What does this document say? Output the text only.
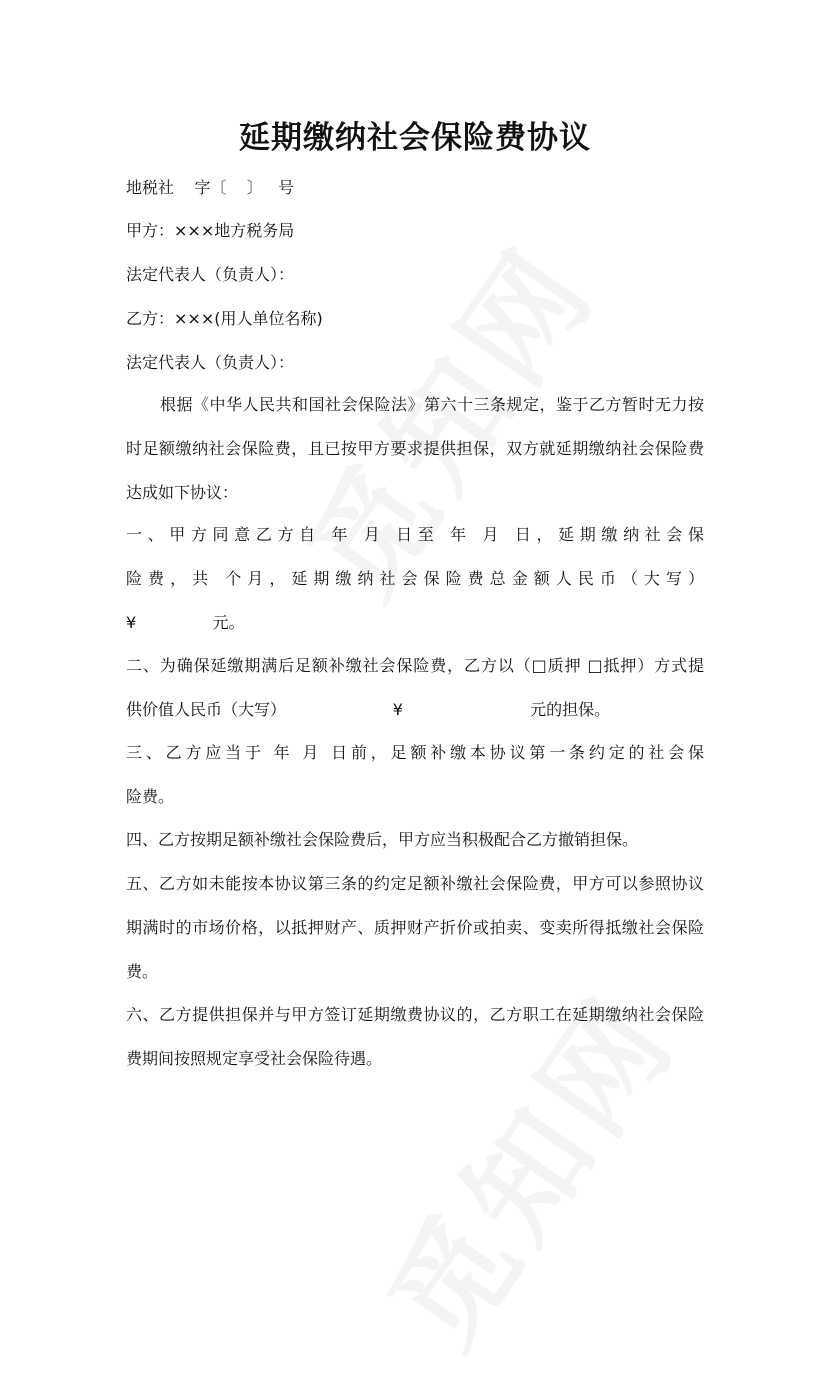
延期缴纳社会保险费协议
地税社    字〔    〕   号
甲方：×××地方税务局
法定代表人（负责人）：
乙方：×××(用人单位名称)
法定代表人（负责人）：
根据《中华人民共和国社会保险法》第六十三条规定，鉴于乙方暂时无力按
时足额缴纳社会保险费，且已按甲方要求提供担保，双方就延期缴纳社会保险费
达成如下协议：
一、甲方同意乙方自 年 月 日至 年 月 日，延期缴纳社会保
险费，共 个月，延期缴纳社会保险费总金额人民币（大写）
¥               元。
二、为确保延缴期满后足额补缴社会保险费，乙方以（□质押 □抵押）方式提
供价值人民币（大写）                     ¥                         元的担保。
三、乙方应当于 年 月 日前，足额补缴本协议第一条约定的社会保
险费。
四、乙方按期足额补缴社会保险费后，甲方应当积极配合乙方撤销担保。
五、乙方如未能按本协议第三条的约定足额补缴社会保险费，甲方可以参照协议
期满时的市场价格，以抵押财产、质押财产折价或拍卖、变卖所得抵缴社会保险
费。
六、乙方提供担保并与甲方签订延期缴费协议的，乙方职工在延期缴纳社会保险
费期间按照规定享受社会保险待遇。
